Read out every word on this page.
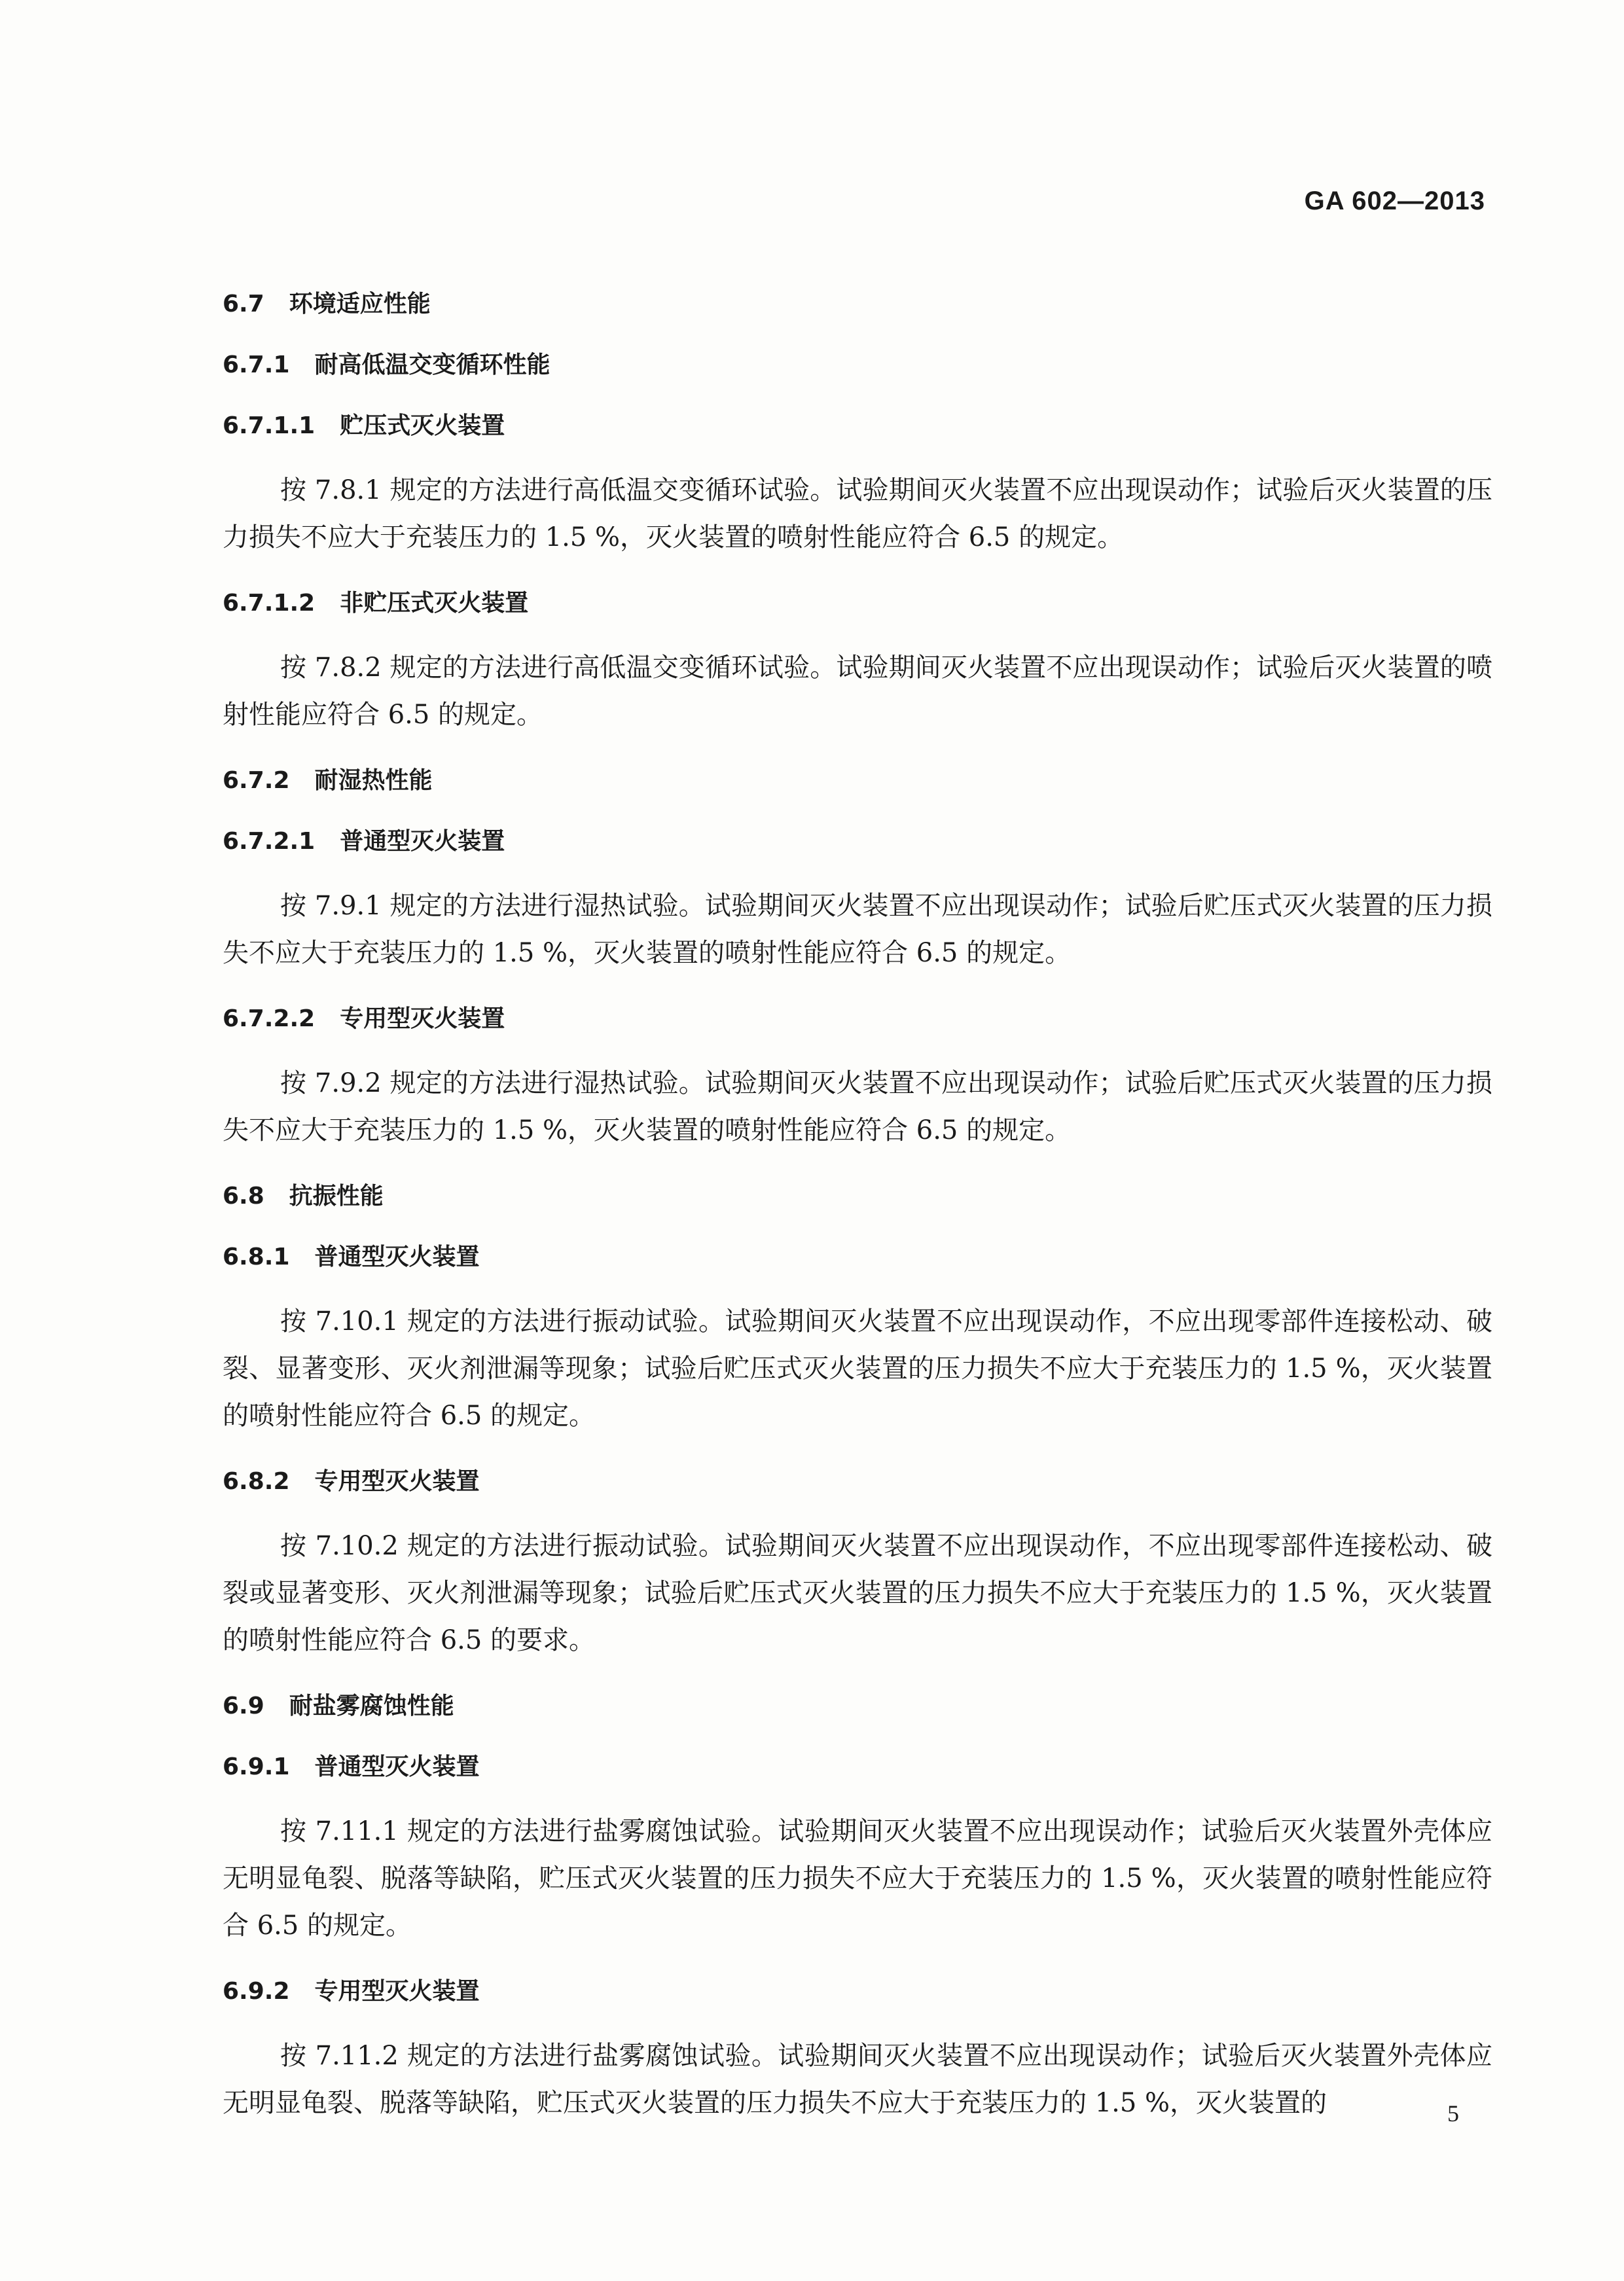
GA 602—2013
6.7 环境适应性能
6.7.1 耐高低温交变循环性能
6.7.1.1 贮压式灭火装置

按 7.8.1 规定的方法进行高低温交变循环试验。试验期间灭火装置不应出现误动作；试验后灭火装置的压力损失不应大于充装压力的 1.5 %，灭火装置的喷射性能应符合 6.5 的规定。

6.7.1.2 非贮压式灭火装置

按 7.8.2 规定的方法进行高低温交变循环试验。试验期间灭火装置不应出现误动作；试验后灭火装置的喷射性能应符合 6.5 的规定。

6.7.2 耐湿热性能
6.7.2.1 普通型灭火装置

按 7.9.1 规定的方法进行湿热试验。试验期间灭火装置不应出现误动作；试验后贮压式灭火装置的压力损失不应大于充装压力的 1.5 %，灭火装置的喷射性能应符合 6.5 的规定。

6.7.2.2 专用型灭火装置

按 7.9.2 规定的方法进行湿热试验。试验期间灭火装置不应出现误动作；试验后贮压式灭火装置的压力损失不应大于充装压力的 1.5 %，灭火装置的喷射性能应符合 6.5 的规定。

6.8 抗振性能
6.8.1 普通型灭火装置

按 7.10.1 规定的方法进行振动试验。试验期间灭火装置不应出现误动作，不应出现零部件连接松动、破裂、显著变形、灭火剂泄漏等现象；试验后贮压式灭火装置的压力损失不应大于充装压力的 1.5 %，灭火装置的喷射性能应符合 6.5 的规定。

6.8.2 专用型灭火装置

按 7.10.2 规定的方法进行振动试验。试验期间灭火装置不应出现误动作，不应出现零部件连接松动、破裂或显著变形、灭火剂泄漏等现象；试验后贮压式灭火装置的压力损失不应大于充装压力的 1.5 %，灭火装置的喷射性能应符合 6.5 的要求。

6.9 耐盐雾腐蚀性能
6.9.1 普通型灭火装置

按 7.11.1 规定的方法进行盐雾腐蚀试验。试验期间灭火装置不应出现误动作；试验后灭火装置外壳体应无明显龟裂、脱落等缺陷，贮压式灭火装置的压力损失不应大于充装压力的 1.5 %，灭火装置的喷射性能应符合 6.5 的规定。

6.9.2 专用型灭火装置

按 7.11.2 规定的方法进行盐雾腐蚀试验。试验期间灭火装置不应出现误动作；试验后灭火装置外壳体应无明显龟裂、脱落等缺陷，贮压式灭火装置的压力损失不应大于充装压力的 1.5 %，灭火装置的	5
